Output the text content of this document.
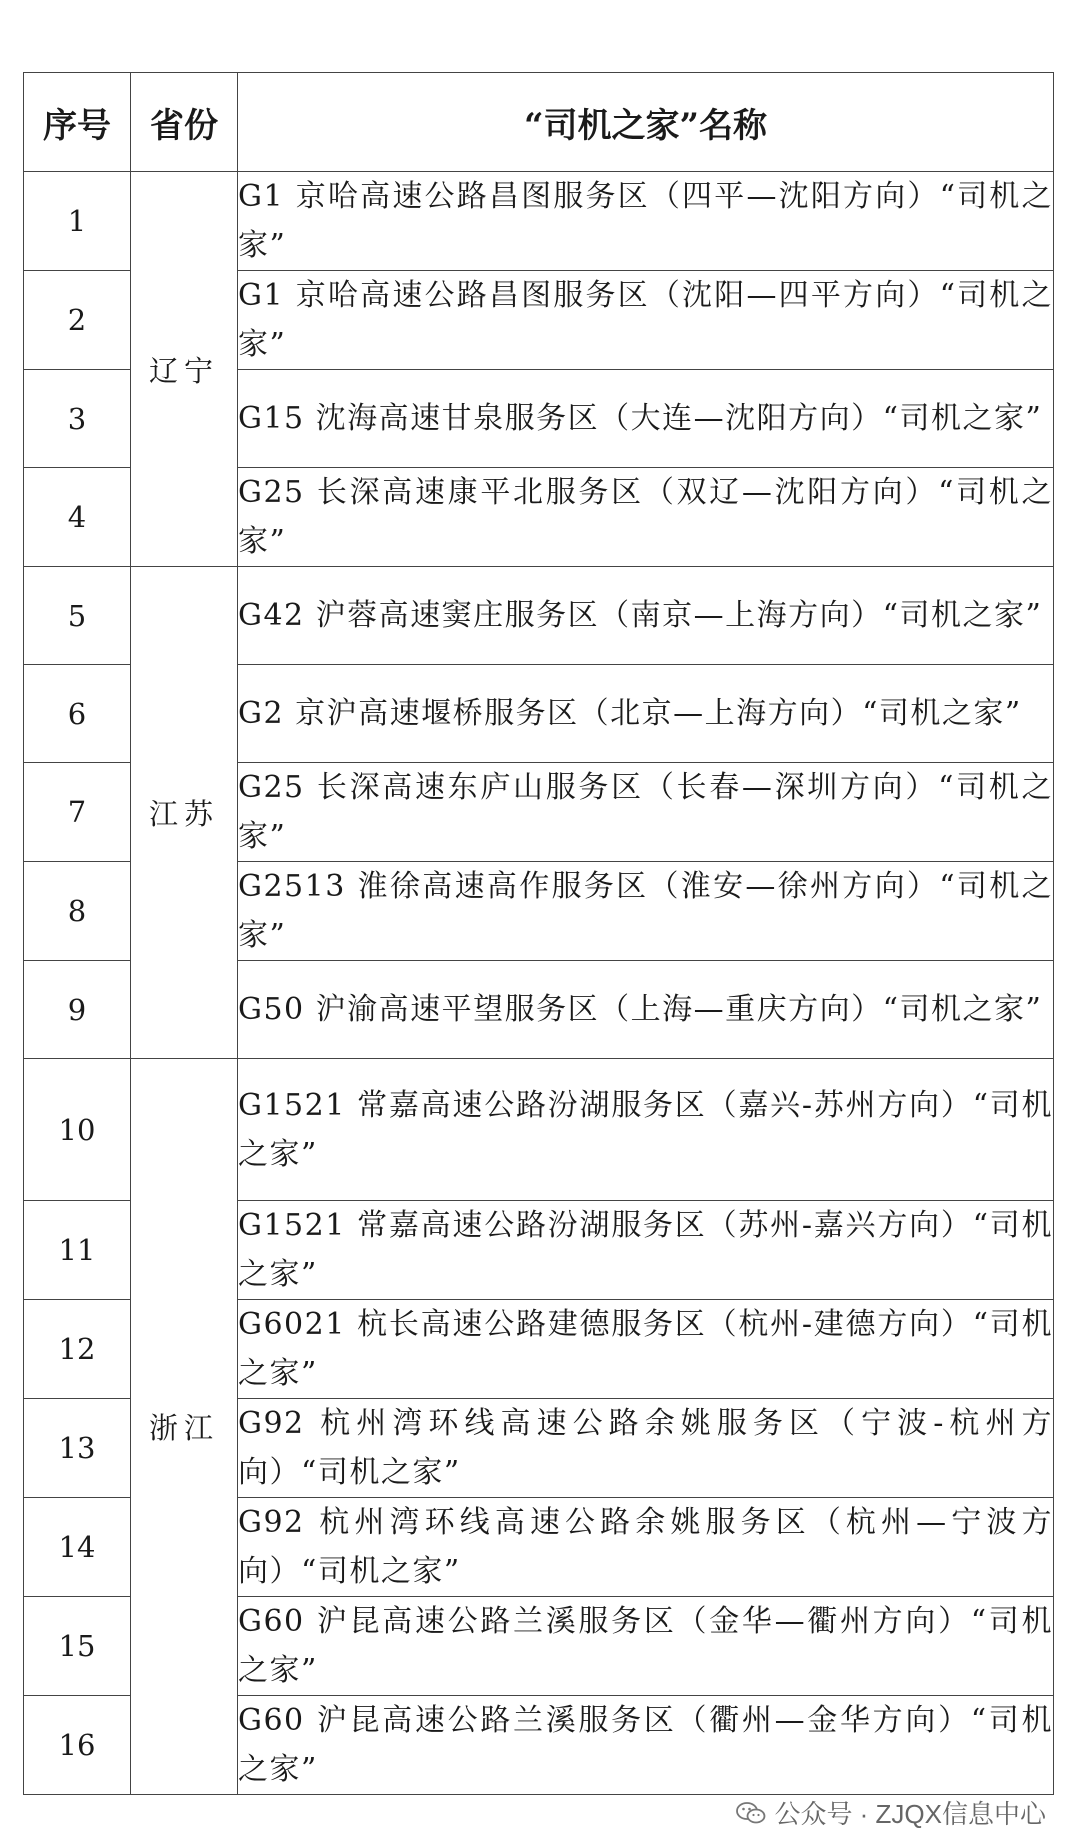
序号	省份	“司机之家”名称
1	辽宁	G1 京哈高速公路昌图服务区（四平—沈阳方向）“司机之家”
2		G1 京哈高速公路昌图服务区（沈阳—四平方向）“司机之家”
3		G15 沈海高速甘泉服务区（大连—沈阳方向）“司机之家”
4		G25 长深高速康平北服务区（双辽—沈阳方向）“司机之家”
5	江苏	G42 沪蓉高速窦庄服务区（南京—上海方向）“司机之家”
6		G2 京沪高速堰桥服务区（北京—上海方向）“司机之家”
7		G25 长深高速东庐山服务区（长春—深圳方向）“司机之家”
8		G2513 淮徐高速高作服务区（淮安—徐州方向）“司机之家”
9		G50 沪渝高速平望服务区（上海—重庆方向）“司机之家”
10	浙江	G1521 常嘉高速公路汾湖服务区（嘉兴-苏州方向）“司机之家”
11		G1521 常嘉高速公路汾湖服务区（苏州-嘉兴方向）“司机之家”
12		G6021 杭长高速公路建德服务区（杭州-建德方向）“司机之家”
13		G92 杭州湾环线高速公路余姚服务区（宁波-杭州方向）“司机之家”
14		G92 杭州湾环线高速公路余姚服务区（杭州—宁波方向）“司机之家”
15		G60 沪昆高速公路兰溪服务区（金华—衢州方向）“司机之家”
16		G60 沪昆高速公路兰溪服务区（衢州—金华方向）“司机之家”
公众号 · ZJQX信息中心
